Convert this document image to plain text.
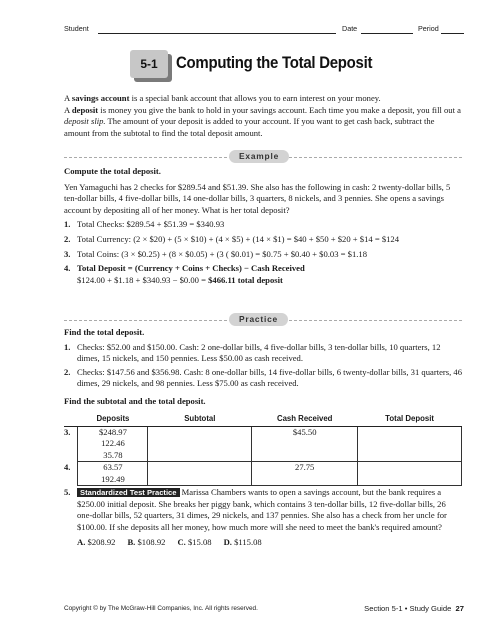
Student	Date	Period
5-1	Computing the Total Deposit

A savings account is a special bank account that allows you to earn interest on your money.

A deposit is money you give the bank to hold in your savings account. Each time you make a deposit, you fill out a deposit slip. The amount of your deposit is added to your account. If you want to get cash back, subtract the amount from the subtotal to find the total deposit amount.

Example

Compute the total deposit.

Yen Yamaguchi has 2 checks for $289.54 and $51.39. She also has the following in cash: 2 twenty-dollar bills, 5 ten-dollar bills, 4 five-dollar bills, 14 one-dollar bills, 3 quarters, 8 nickels, and 3 pennies. She opens a savings account by depositing all of her money. What is her total deposit?

1. Total Checks: $289.54 + $51.39 = $340.93
2. Total Currency: (2 × $20) + (5 × $10) + (4 × $5) + (14 × $1) = $40 + $50 + $20 + $14 = $124
3. Total Coins: (3 × $0.25) + (8 × $0.05) + (3 ( $0.01) = $0.75 + $0.40 + $0.03 = $1.18
4. Total Deposit = (Currency + Coins + Checks) − Cash Received
$124.00 + $1.18 + $340.93 − $0.00 = $466.11 total deposit
Practice

Find the total deposit.

1. Checks: $52.00 and $150.00. Cash: 2 one-dollar bills, 4 five-dollar bills, 3 ten-dollar bills, 10 quarters, 12 dimes, 15 nickels, and 150 pennies. Less $50.00 as cash received.
2. Checks: $147.56 and $356.98. Cash: 8 one-dollar bills, 14 five-dollar bills, 6 twenty-dollar bills, 31 quarters, 46 dimes, 29 nickels, and 98 pennies. Less $75.00 as cash received.

Find the subtotal and the total deposit.

	Deposits	Subtotal	Cash Received	Total Deposit
3.	$248.97
122.46
35.78		$45.50	
4.	63.57
192.49		27.75	
5. Standardized Test Practice Marissa Chambers wants to open a savings account, but the bank requires a $250.00 initial deposit. She breaks her piggy bank, which contains 3 ten-dollar bills, 12 five-dollar bills, 26 one-dollar bills, 52 quarters, 31 dimes, 29 nickels, and 137 pennies. She also has a check from her uncle for $100.00. If she deposits all her money, how much more will she need to meet the bank's required amount?
A. $208.92 B. $108.92 C. $15.08 D. $115.08
Copyright © by The McGraw-Hill Companies, Inc. All rights reserved.	Section 5-1 • Study Guide 27
